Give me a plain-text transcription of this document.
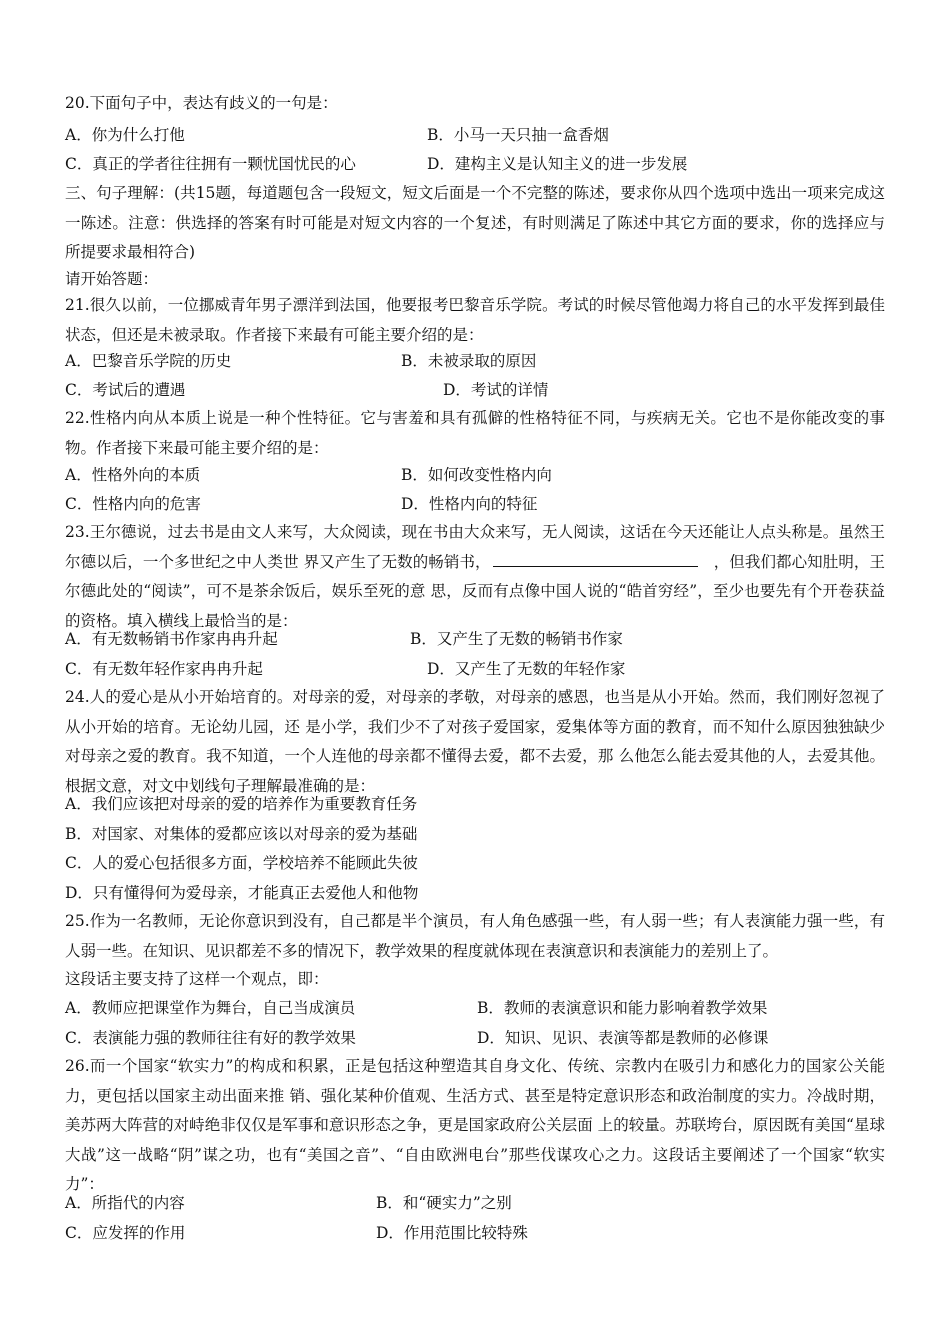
20.下面句子中，表达有歧义的一句是：
A．你为什么打他	B．小马一天只抽一盒香烟
C．真正的学者往往拥有一颗忧国忧民的心	D．建构主义是认知主义的进一步发展
三、句子理解：(共15题，每道题包含一段短文，短文后面是一个不完整的陈述，要求你从四个选项中选出一项来完成这一陈述。注意：供选择的答案有时可能是对短文内容的一个复述，有时则满足了陈述中其它方面的要求，你的选择应与所提要求最相符合)
请开始答题：
21.很久以前，一位挪威青年男子漂洋到法国，他要报考巴黎音乐学院。考试的时候尽管他竭力将自己的水平发挥到最佳状态，但还是未被录取。作者接下来最有可能主要介绍的是：
A．巴黎音乐学院的历史	B．未被录取的原因
C．考试后的遭遇	D．考试的详情
22.性格内向从本质上说是一种个性特征。它与害羞和具有孤僻的性格特征不同，与疾病无关。它也不是你能改变的事物。作者接下来最可能主要介绍的是：
A．性格外向的本质	B．如何改变性格内向
C．性格内向的危害	D．性格内向的特征
23.王尔德说，过去书是由文人来写，大众阅读，现在书由大众来写，无人阅读，这话在今天还能让人点头称是。虽然王尔德以后，一个多世纪之中人类世 界又产生了无数的畅销书，	，但我们都心知肚明，王尔德此处的“阅读”，可不是茶余饭后，娱乐至死的意 思，反而有点像中国人说的“皓首穷经”，至少也要先有个开卷获益的资格。填入横线上最恰当的是：
A．有无数畅销书作家冉冉升起	B．又产生了无数的畅销书作家
C．有无数年轻作家冉冉升起	D．又产生了无数的年轻作家
24.人的爱心是从小开始培育的。对母亲的爱，对母亲的孝敬，对母亲的感恩，也当是从小开始。然而，我们刚好忽视了从小开始的培育。无论幼儿园，还 是小学，我们少不了对孩子爱国家，爱集体等方面的教育，而不知什么原因独独缺少对母亲之爱的教育。我不知道，一个人连他的母亲都不懂得去爱，都不去爱，那 么他怎么能去爱其他的人，去爱其他。根据文意，对文中划线句子理解最准确的是：
A．我们应该把对母亲的爱的培养作为重要教育任务
B．对国家、对集体的爱都应该以对母亲的爱为基础
C．人的爱心包括很多方面，学校培养不能顾此失彼
D．只有懂得何为爱母亲，才能真正去爱他人和他物
25.作为一名教师，无论你意识到没有，自己都是半个演员，有人角色感强一些，有人弱一些；有人表演能力强一些，有人弱一些。在知识、见识都差不多的情况下，教学效果的程度就体现在表演意识和表演能力的差别上了。
这段话主要支持了这样一个观点，即：
A．教师应把课堂作为舞台，自己当成演员	B．教师的表演意识和能力影响着教学效果
C．表演能力强的教师往往有好的教学效果	D．知识、见识、表演等都是教师的必修课
26.而一个国家“软实力”的构成和积累，正是包括这种塑造其自身文化、传统、宗教内在吸引力和感化力的国家公关能力，更包括以国家主动出面来推 销、强化某种价值观、生活方式、甚至是特定意识形态和政治制度的实力。冷战时期，美苏两大阵营的对峙绝非仅仅是军事和意识形态之争，更是国家政府公关层面 上的较量。苏联垮台，原因既有美国“星球大战”这一战略“阴”谋之功，也有“美国之音”、“自由欧洲电台”那些伐谋攻心之力。这段话主要阐述了一个国家“软实力”：
A．所指代的内容	B．和“硬实力”之别
C．应发挥的作用	D．作用范围比较特殊
